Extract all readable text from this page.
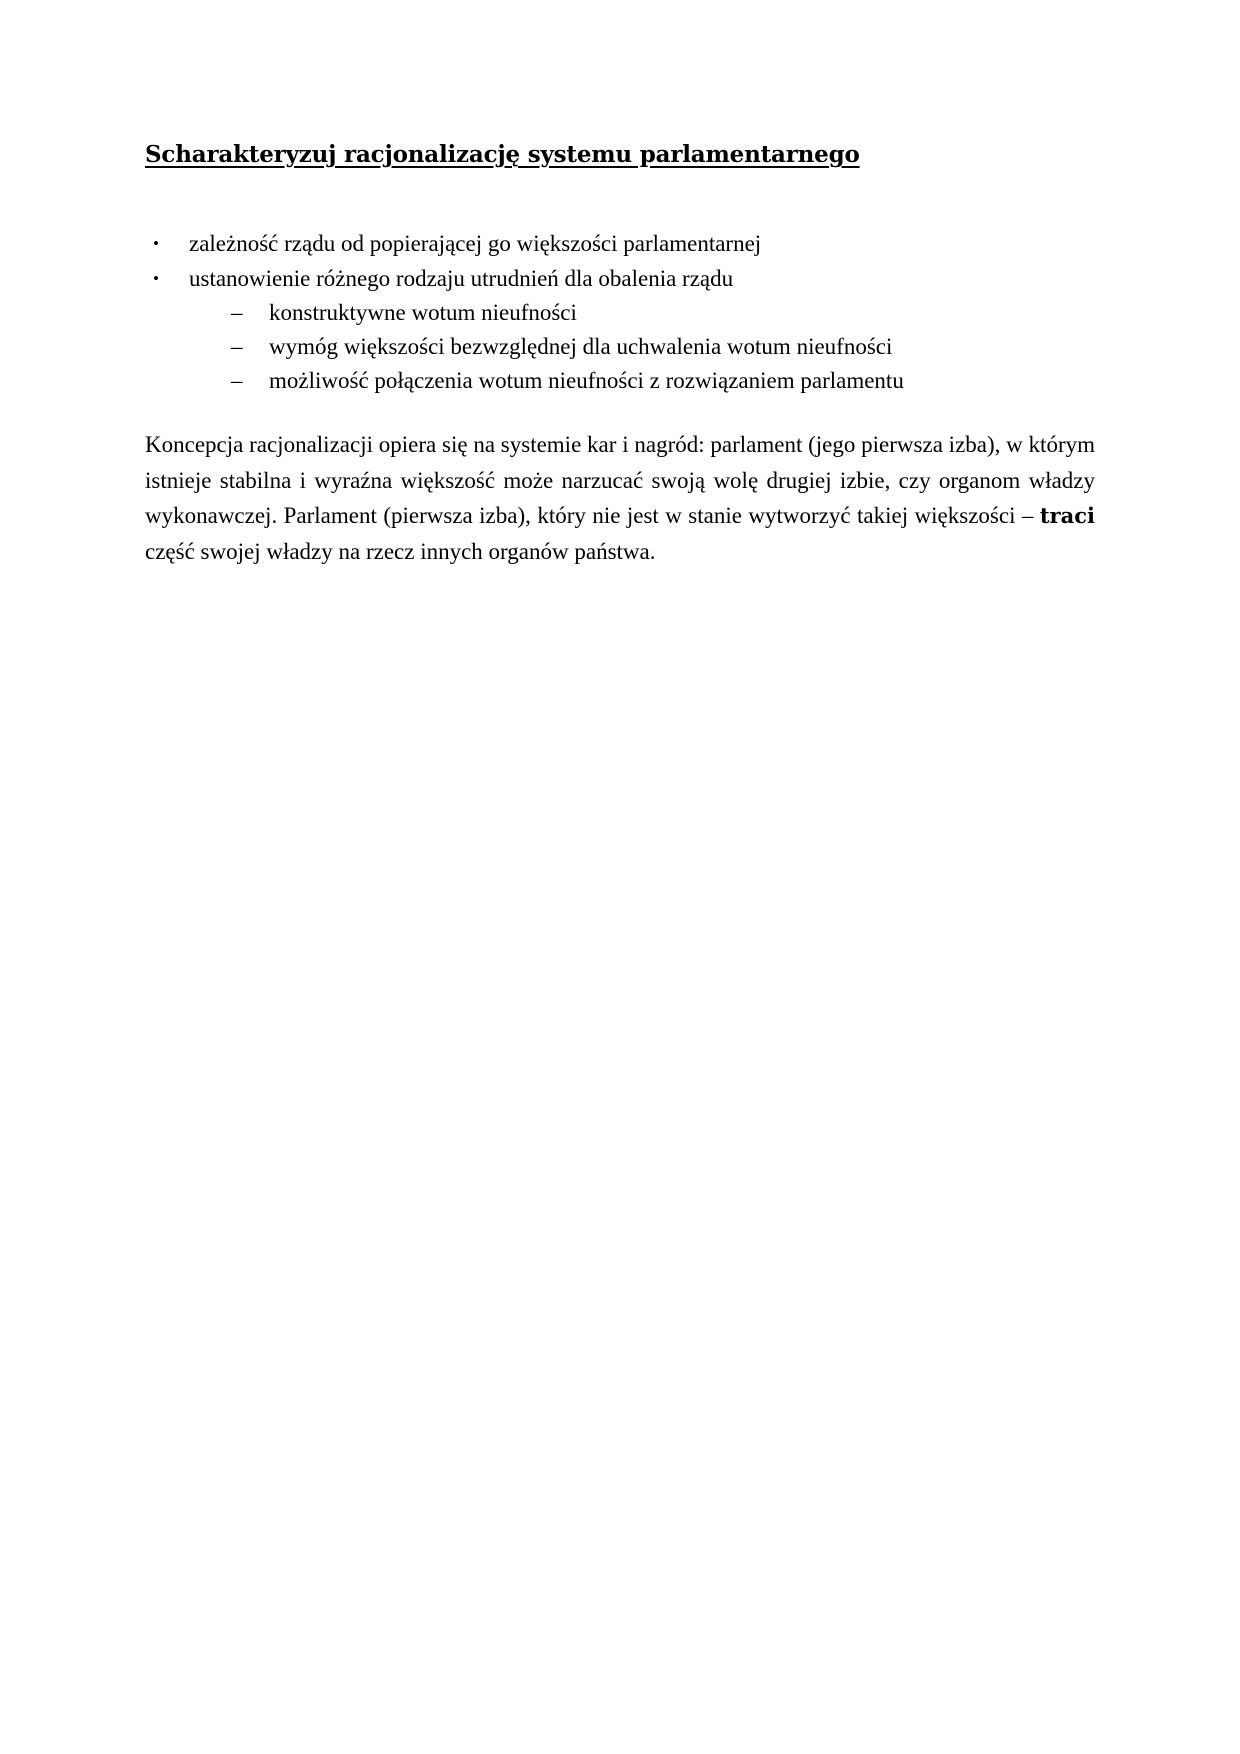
Scharakteryzuj racjonalizację systemu parlamentarnego
• zależność rządu od popierającej go większości parlamentarnej
• ustanowienie różnego rodzaju utrudnień dla obalenia rządu
– konstruktywne wotum nieufności
– wymóg większości bezwzględnej dla uchwalenia wotum nieufności
– możliwość połączenia wotum nieufności z rozwiązaniem parlamentu

Koncepcja racjonalizacji opiera się na systemie kar i nagród: parlament (jego pierwsza izba), w którym istnieje stabilna i wyraźna większość może narzucać swoją wolę drugiej izbie, czy organom władzy wykonawczej. Parlament (pierwsza izba), który nie jest w stanie wytworzyć takiej większości – traci część swojej władzy na rzecz innych organów państwa.
